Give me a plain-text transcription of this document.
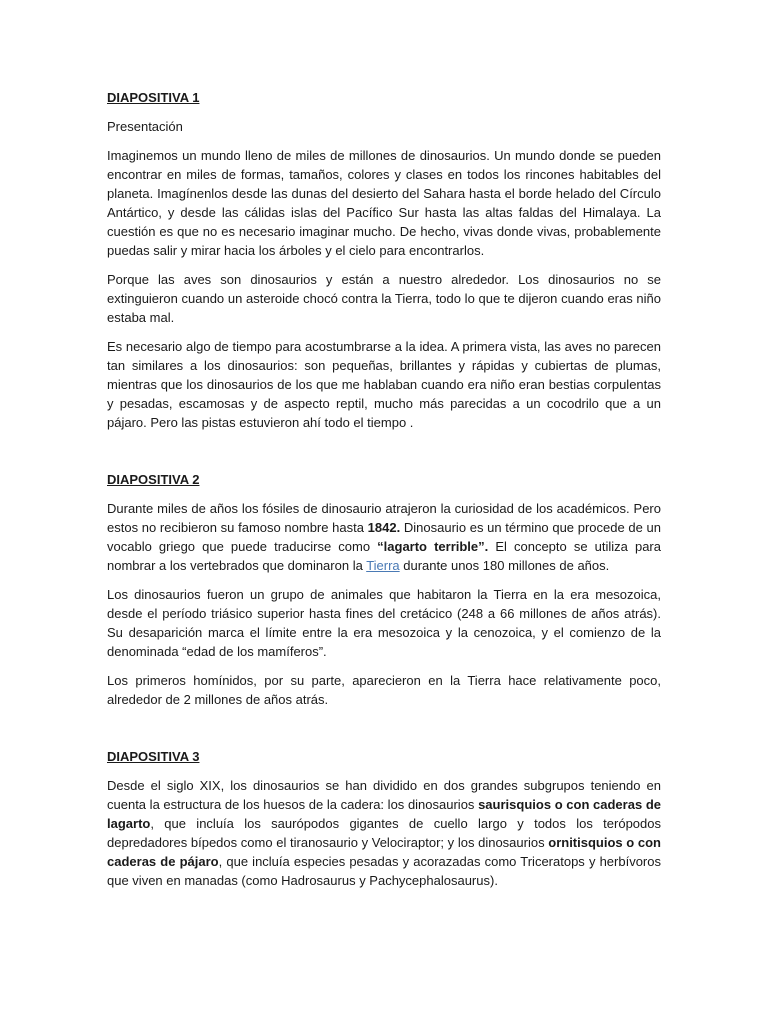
DIAPOSITIVA 1

Presentación

Imaginemos un mundo lleno de miles de millones de dinosaurios. Un mundo donde se pueden encontrar en miles de formas, tamaños, colores y clases en todos los rincones habitables del planeta. Imagínenlos desde las dunas del desierto del Sahara hasta el borde helado del Círculo Antártico, y desde las cálidas islas del Pacífico Sur hasta las altas faldas del Himalaya. La cuestión es que no es necesario imaginar mucho. De hecho, vivas donde vivas, probablemente puedas salir y mirar hacia los árboles y el cielo para encontrarlos.

Porque las aves son dinosaurios y están a nuestro alrededor. Los dinosaurios no se extinguieron cuando un asteroide chocó contra la Tierra, todo lo que te dijeron cuando eras niño estaba mal.

Es necesario algo de tiempo para acostumbrarse a la idea. A primera vista, las aves no parecen tan similares a los dinosaurios: son pequeñas, brillantes y rápidas y cubiertas de plumas, mientras que los dinosaurios de los que me hablaban cuando era niño eran bestias corpulentas y pesadas, escamosas y de aspecto reptil, mucho más parecidas a un cocodrilo que a un pájaro. Pero las pistas estuvieron ahí todo el tiempo .

DIAPOSITIVA 2

Durante miles de años los fósiles de dinosaurio atrajeron la curiosidad de los académicos. Pero estos no recibieron su famoso nombre hasta 1842. Dinosaurio es un término que procede de un vocablo griego que puede traducirse como “lagarto terrible”. El concepto se utiliza para nombrar a los vertebrados que dominaron la Tierra durante unos 180 millones de años.

Los dinosaurios fueron un grupo de animales que habitaron la Tierra en la era mesozoica, desde el período triásico superior hasta fines del cretácico (248 a 66 millones de años atrás). Su desaparición marca el límite entre la era mesozoica y la cenozoica, y el comienzo de la denominada “edad de los mamíferos”.

Los primeros homínidos, por su parte, aparecieron en la Tierra hace relativamente poco, alrededor de 2 millones de años atrás.

DIAPOSITIVA 3

Desde el siglo XIX, los dinosaurios se han dividido en dos grandes subgrupos teniendo en cuenta la estructura de los huesos de la cadera: los dinosaurios saurisquios o con caderas de lagarto, que incluía los saurópodos gigantes de cuello largo y todos los terópodos depredadores bípedos como el tiranosaurio y Velociraptor; y los dinosaurios ornitisquios o con caderas de pájaro, que incluía especies pesadas y acorazadas como Triceratops y herbívoros que viven en manadas (como Hadrosaurus y Pachycephalosaurus).
